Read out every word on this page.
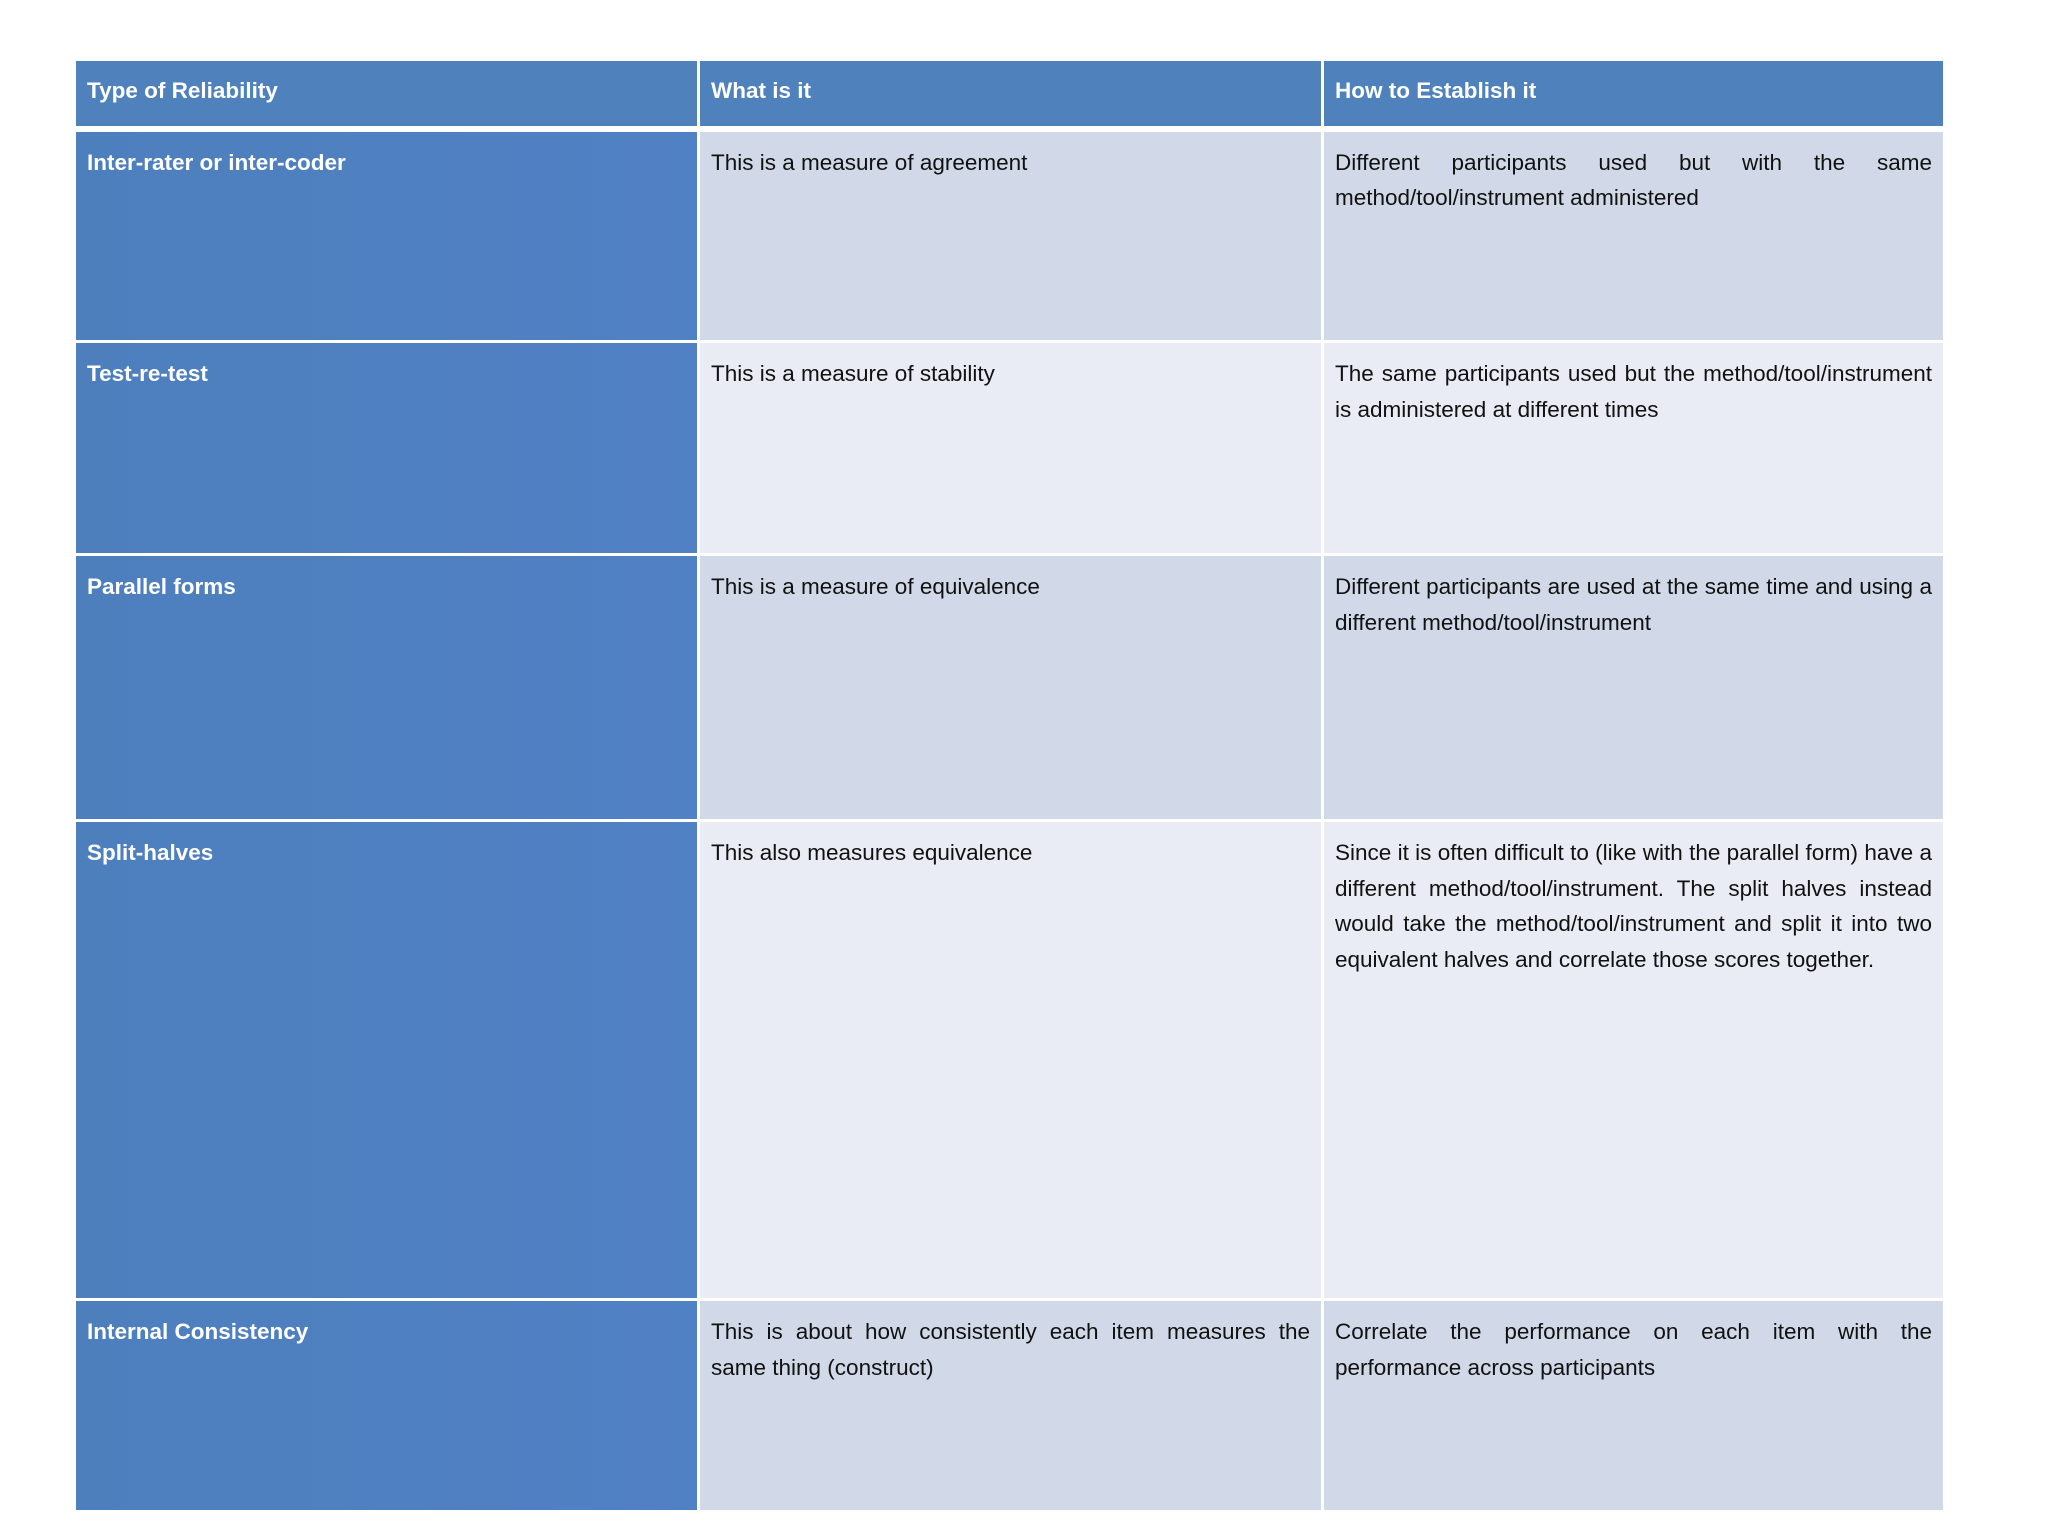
Type of Reliability	What is it	How to Establish it
Inter-rater or inter-coder	This is a measure of agreement	Different participants used but with the same method/tool/instrument administered
Test-re-test	This is a measure of stability	The same participants used but the method/tool/instrument is administered at different times
Parallel forms	This is a measure of equivalence	Different participants are used at the same time and using a different method/tool/instrument
Split-halves	This also measures equivalence	Since it is often difficult to (like with the parallel form) have a different method/tool/instrument. The split halves instead would take the method/tool/instrument and split it into two equivalent halves and correlate those scores together.
Internal Consistency	This is about how consistently each item measures the same thing (construct)	Correlate the performance on each item with the performance across participants
